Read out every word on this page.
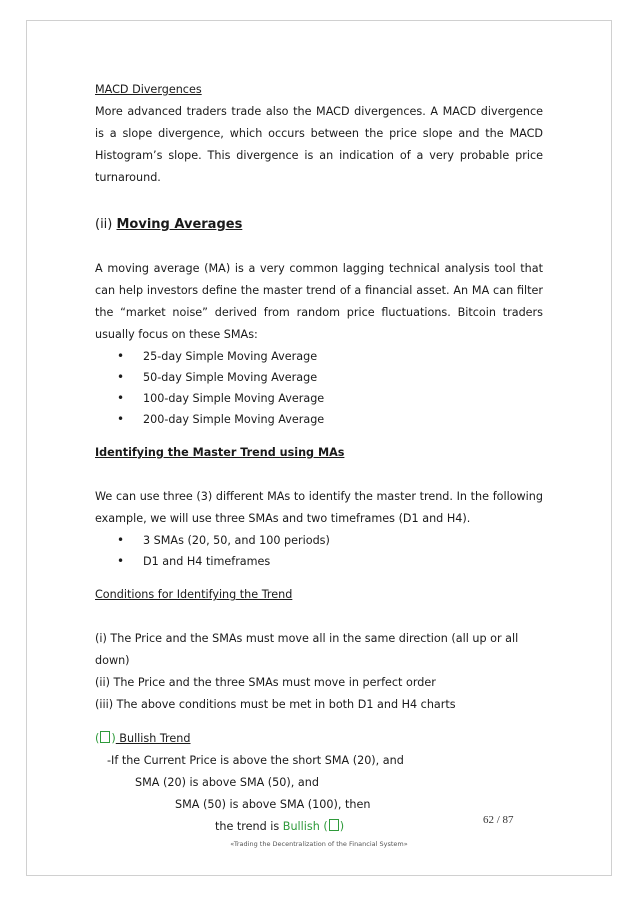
MACD Divergences

More advanced traders trade also the MACD divergences. A MACD divergence is a slope divergence, which occurs between the price slope and the MACD Histogram’s slope. This divergence is an indication of a very probable price turnaround.

(ii) Moving Averages

A moving average (MA) is a very common lagging technical analysis tool that can help investors define the master trend of a financial asset. An MA can filter the “market noise” derived from random price fluctuations. Bitcoin traders usually focus on these SMAs:

• 25-day Simple Moving Average
• 50-day Simple Moving Average
• 100-day Simple Moving Average
• 200-day Simple Moving Average

Identifying the Master Trend using MAs

We can use three (3) different MAs to identify the master trend. In the following example, we will use three SMAs and two timeframes (D1 and H4).

• 3 SMAs (20, 50, and 100 periods)
• D1 and H4 timeframes

Conditions for Identifying the Trend

(i) The Price and the SMAs must move all in the same direction (all up or all down)

(ii) The Price and the three SMAs must move in perfect order

(iii) The above conditions must be met in both D1 and H4 charts

( ) Bullish Trend

-If the Current Price is above the short SMA (20), and

SMA (20) is above SMA (50), and

SMA (50) is above SMA (100), then

the trend is Bullish ( )	62 / 87
«Trading the Decentralization of the Financial System»
